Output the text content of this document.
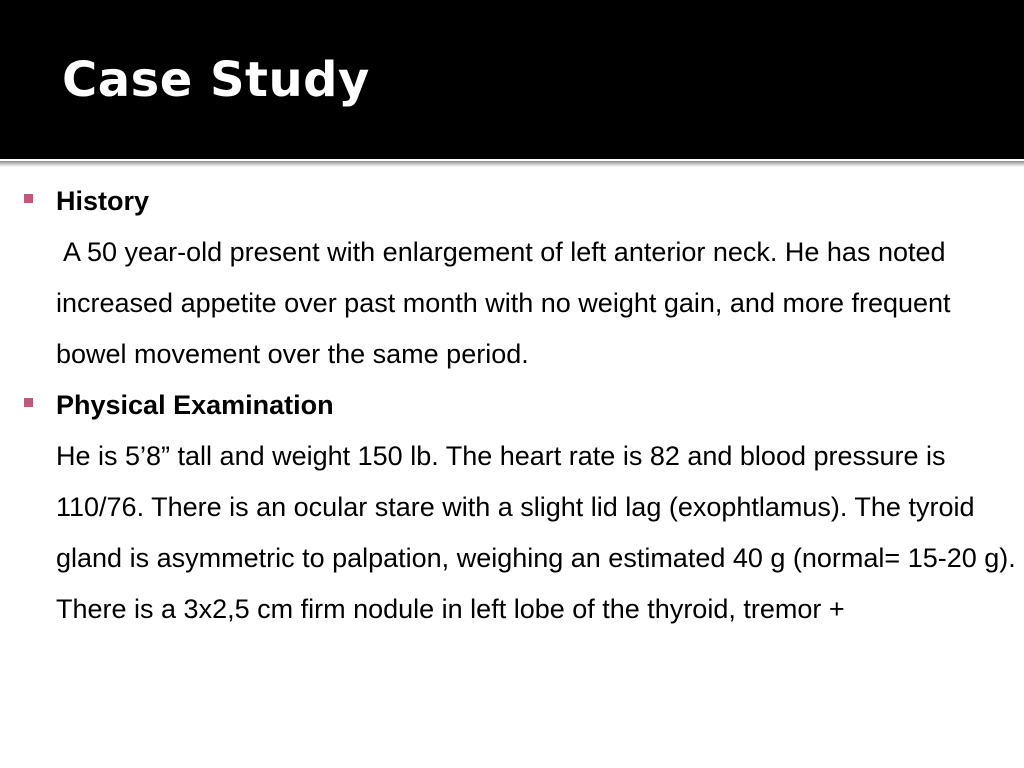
Case Study
History
A 50 year-old present with enlargement of left anterior neck. He has noted increased appetite over past month with no weight gain, and more frequent bowel movement over the same period.
Physical Examination
He is 5’8” tall and weight 150 lb. The heart rate is 82 and blood pressure is 110/76. There is an ocular stare with a slight lid lag (exophtlamus). The tyroid gland is asymmetric to palpation, weighing an estimated 40 g (normal= 15-20 g). There is a 3x2,5 cm firm nodule in left lobe of the thyroid, tremor +
